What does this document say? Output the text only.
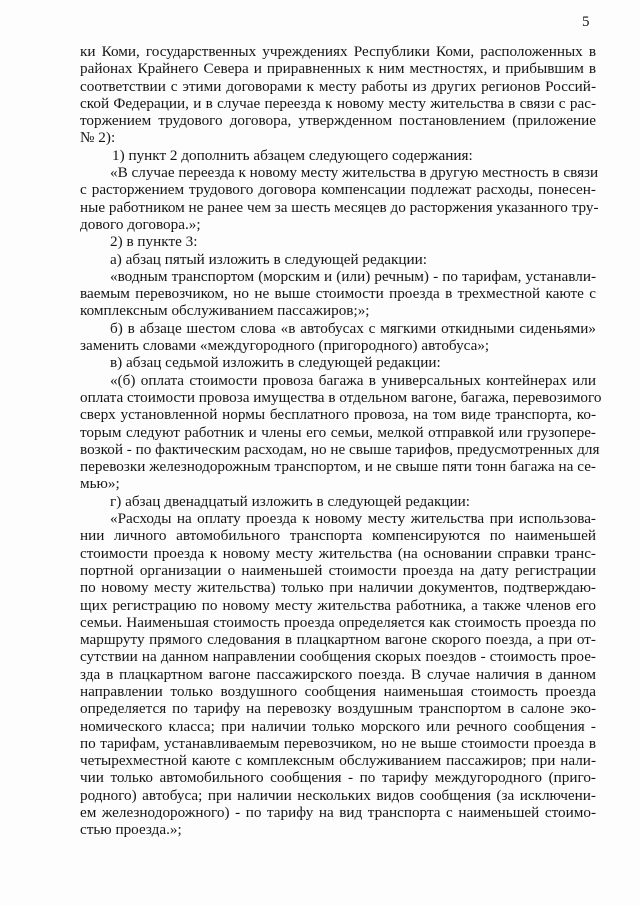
5
ки Коми, государственных учреждениях Республики Коми, расположенных в
районах Крайнего Севера и приравненных к ним местностях, и прибывшим в
соответствии с этими договорами к месту работы из других регионов Россий-
ской Федерации, и в случае переезда к новому месту жительства в связи с рас-
торжением трудового договора, утвержденном постановлением (приложение
№ 2):
1) пункт 2 дополнить абзацем следующего содержания:
«В случае переезда к новому месту жительства в другую местность в связи
с расторжением трудового договора компенсации подлежат расходы, понесен-
ные работником не ранее чем за шесть месяцев до расторжения указанного тру-
дового договора.»;
2) в пункте 3:
а) абзац пятый изложить в следующей редакции:
«водным транспортом (морским и (или) речным) - по тарифам, устанавли-
ваемым перевозчиком, но не выше стоимости проезда в трехместной каюте с
комплексным обслуживанием пассажиров;»;
б) в абзаце шестом слова «в автобусах с мягкими откидными сиденьями»
заменить словами «междугородного (пригородного) автобуса»;
в) абзац седьмой изложить в следующей редакции:
«(б) оплата стоимости провоза багажа в универсальных контейнерах или
оплата стоимости провоза имущества в отдельном вагоне, багажа, перевозимого
сверх установленной нормы бесплатного провоза, на том виде транспорта, ко-
торым следуют работник и члены его семьи, мелкой отправкой или грузопере-
возкой - по фактическим расходам, но не свыше тарифов, предусмотренных для
перевозки железнодорожным транспортом, и не свыше пяти тонн багажа на се-
мью»;
г) абзац двенадцатый изложить в следующей редакции:
«Расходы на оплату проезда к новому месту жительства при использова-
нии личного автомобильного транспорта компенсируются по наименьшей
стоимости проезда к новому месту жительства (на основании справки транс-
портной организации о наименьшей стоимости проезда на дату регистрации
по новому месту жительства) только при наличии документов, подтверждаю-
щих регистрацию по новому месту жительства работника, а также членов его
семьи. Наименьшая стоимость проезда определяется как стоимость проезда по
маршруту прямого следования в плацкартном вагоне скорого поезда, а при от-
сутствии на данном направлении сообщения скорых поездов - стоимость прое-
зда в плацкартном вагоне пассажирского поезда. В случае наличия в данном
направлении только воздушного сообщения наименьшая стоимость проезда
определяется по тарифу на перевозку воздушным транспортом в салоне эко-
номического класса; при наличии только морского или речного сообщения -
по тарифам, устанавливаемым перевозчиком, но не выше стоимости проезда в
четырехместной каюте с комплексным обслуживанием пассажиров; при нали-
чии только автомобильного сообщения - по тарифу междугородного (приго-
родного) автобуса; при наличии нескольких видов сообщения (за исключени-
ем железнодорожного) - по тарифу на вид транспорта с наименьшей стоимо-
стью проезда.»;
